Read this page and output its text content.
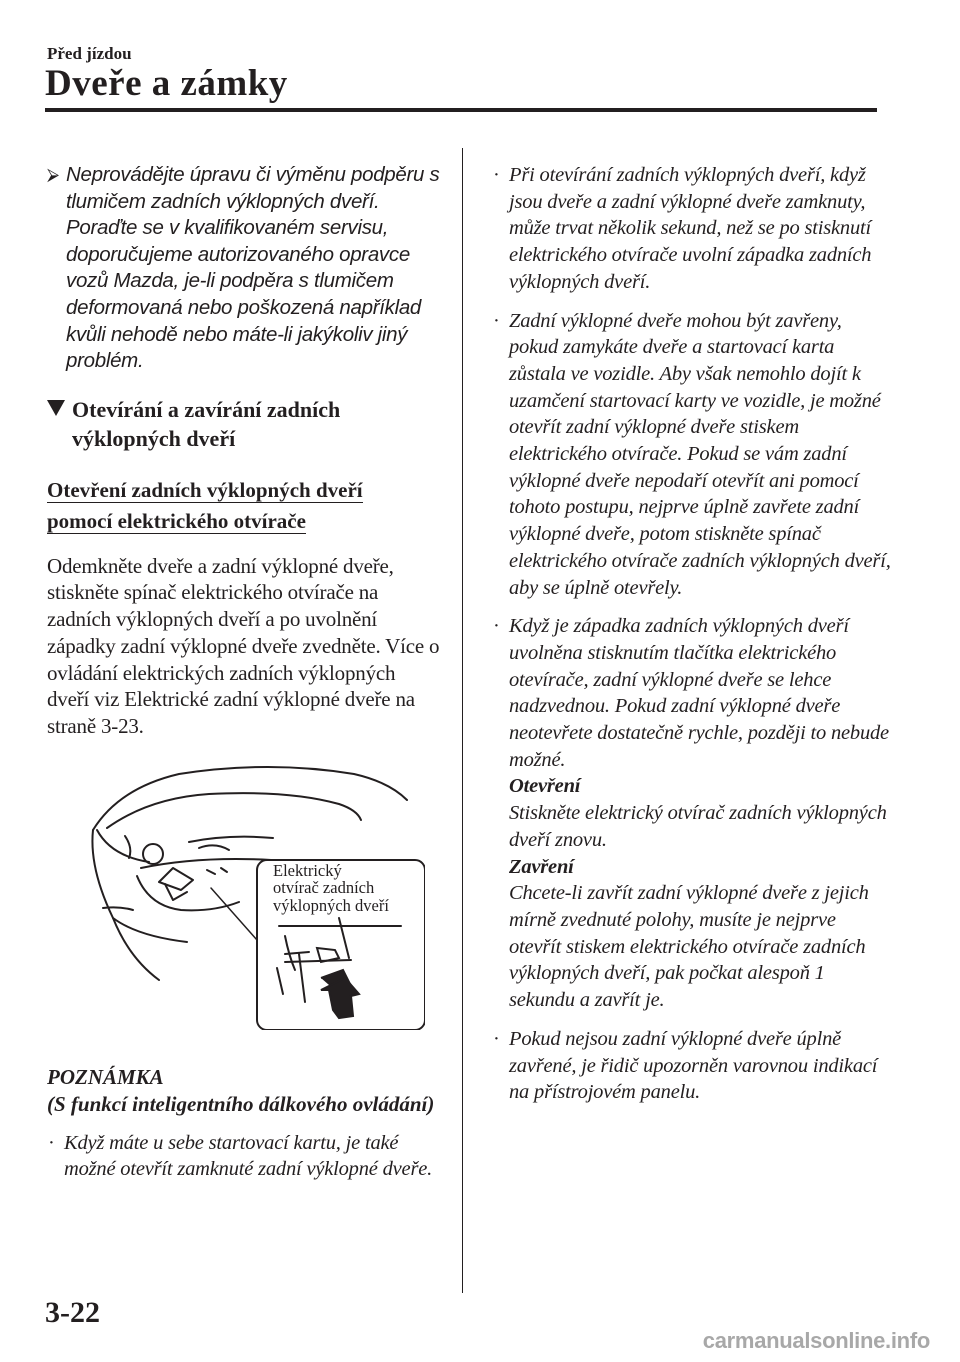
Před jízdou
Dveře a zámky
⮚ Neprovádějte úpravu či výměnu podpěru s tlumičem zadních výklopných dveří. Poraďte se v kvalifikovaném servisu, doporučujeme autorizovaného opravce vozů Mazda, je-li podpěra s tlumičem deformovaná nebo poškozená například kvůli nehodě nebo máte-li jakýkoliv jiný problém.
Otevírání a zavírání zadních výklopných dveří
Otevření zadních výklopných dveří
pomocí elektrického otvírače

Odemkněte dveře a zadní výklopné dveře, stiskněte spínač elektrického otvírače na zadních výklopných dveří a po uvolnění západky zadní výklopné dveře zvedněte. Více o ovládání elektrických zadních výklopných dveří viz Elektrické zadní výklopné dveře na straně 3-23.

Elektrický
otvírač zadních
výklopných dveří
POZNÁMKA
(S funkcí inteligentního dálkového ovládání)
· Když máte u sebe startovací kartu, je také možné otevřít zamknuté zadní výklopné dveře.
· Při otevírání zadních výklopných dveří, když jsou dveře a zadní výklopné dveře zamknuty, může trvat několik sekund, než se po stisknutí elektrického otvírače uvolní západka zadních výklopných dveří.
· Zadní výklopné dveře mohou být zavřeny, pokud zamykáte dveře a startovací karta zůstala ve vozidle. Aby však nemohlo dojít k uzamčení startovací karty ve vozidle, je možné otevřít zadní výklopné dveře stiskem elektrického otvírače. Pokud se vám zadní výklopné dveře nepodaří otevřít ani pomocí tohoto postupu, nejprve úplně zavřete zadní výklopné dveře, potom stiskněte spínač elektrického otvírače zadních výklopných dveří, aby se úplně otevřely.
· Když je západka zadních výklopných dveří uvolněna stisknutím tlačítka elektrického otevírače, zadní výklopné dveře se lehce nadzvednou. Pokud zadní výklopné dveře neotevřete dostatečně rychle, později to nebude možné.
Otevření
Stiskněte elektrický otvírač zadních výklopných dveří znovu.
Zavření
Chcete-li zavřít zadní výklopné dveře z jejich mírně zvednuté polohy, musíte je nejprve otevřít stiskem elektrického otvírače zadních výklopných dveří, pak počkat alespoň 1 sekundu a zavřít je.
· Pokud nejsou zadní výklopné dveře úplně zavřené, je řidič upozorněn varovnou indikací na přístrojovém panelu.
3-22
carmanualsonline.info
